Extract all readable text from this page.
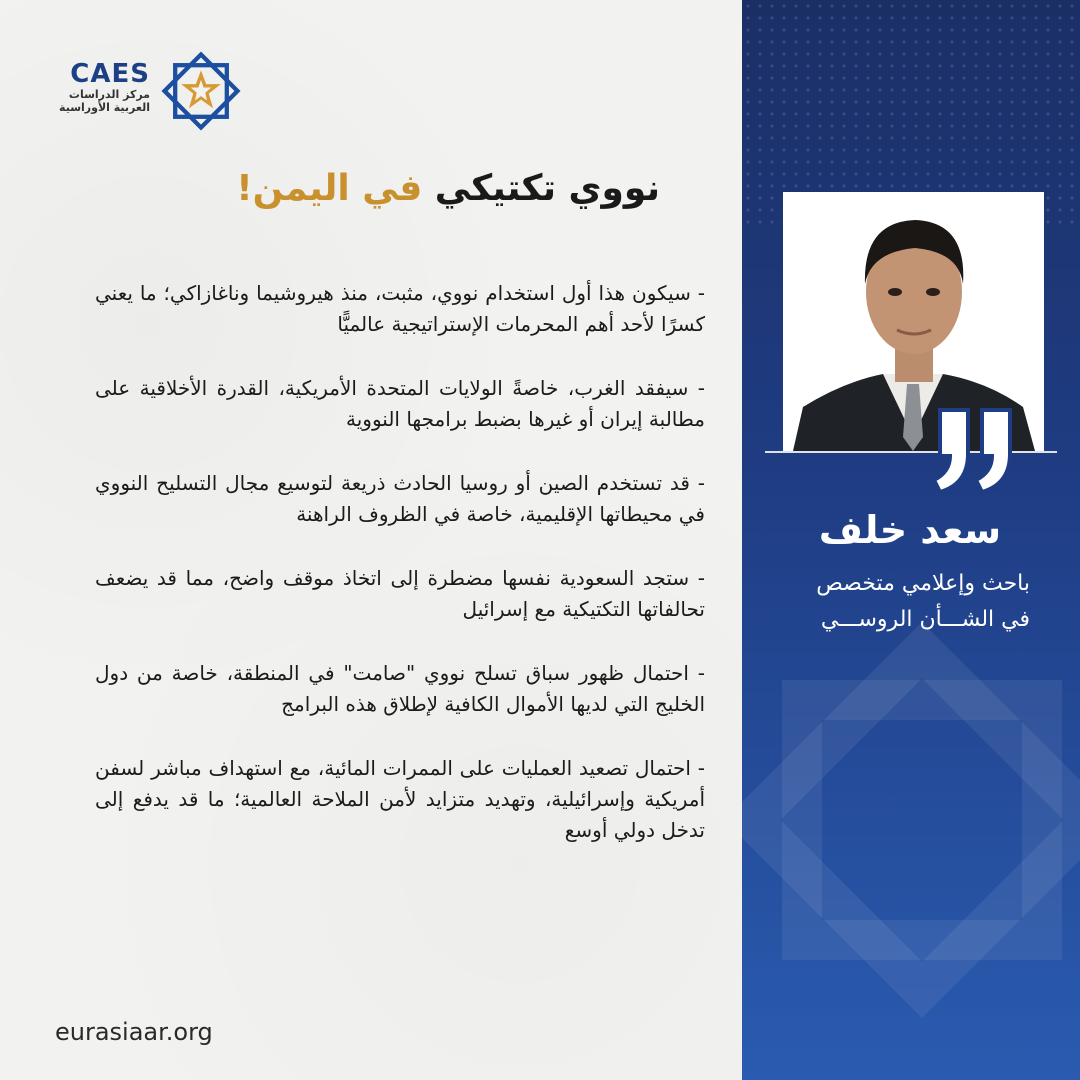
CAES
مركز الدراسات
العربية الأوراسية
نووي تكتيكي في اليمن!

- سيكون هذا أول استخدام نووي، مثبت، منذ هيروشيما وناغازاكي؛ ما يعني كسرًا لأحد أهم المحرمات الإستراتيجية عالميًّا

- سيفقد الغرب، خاصةً الولايات المتحدة الأمريكية، القدرة الأخلاقية على مطالبة إيران أو غيرها بضبط برامجها النووية

- قد تستخدم الصين أو روسيا الحادث ذريعة لتوسيع مجال التسليح النووي في محيطاتها الإقليمية، خاصة في الظروف الراهنة

- ستجد السعودية نفسها مضطرة إلى اتخاذ موقف واضح، مما قد يضعف تحالفاتها التكتيكية مع إسرائيل

- احتمال ظهور سباق تسلح نووي "صامت" في المنطقة، خاصة من دول الخليج التي لديها الأموال الكافية لإطلاق هذه البرامج

- احتمال تصعيد العمليات على الممرات المائية، مع استهداف مباشر لسفن أمريكية وإسرائيلية، وتهديد متزايد لأمن الملاحة العالمية؛ ما قد يدفع إلى تدخل دولي أوسع

eurasiaar.org
سعد خلف
باحث وإعلامي متخصص
في الشـــأن الروســـي
